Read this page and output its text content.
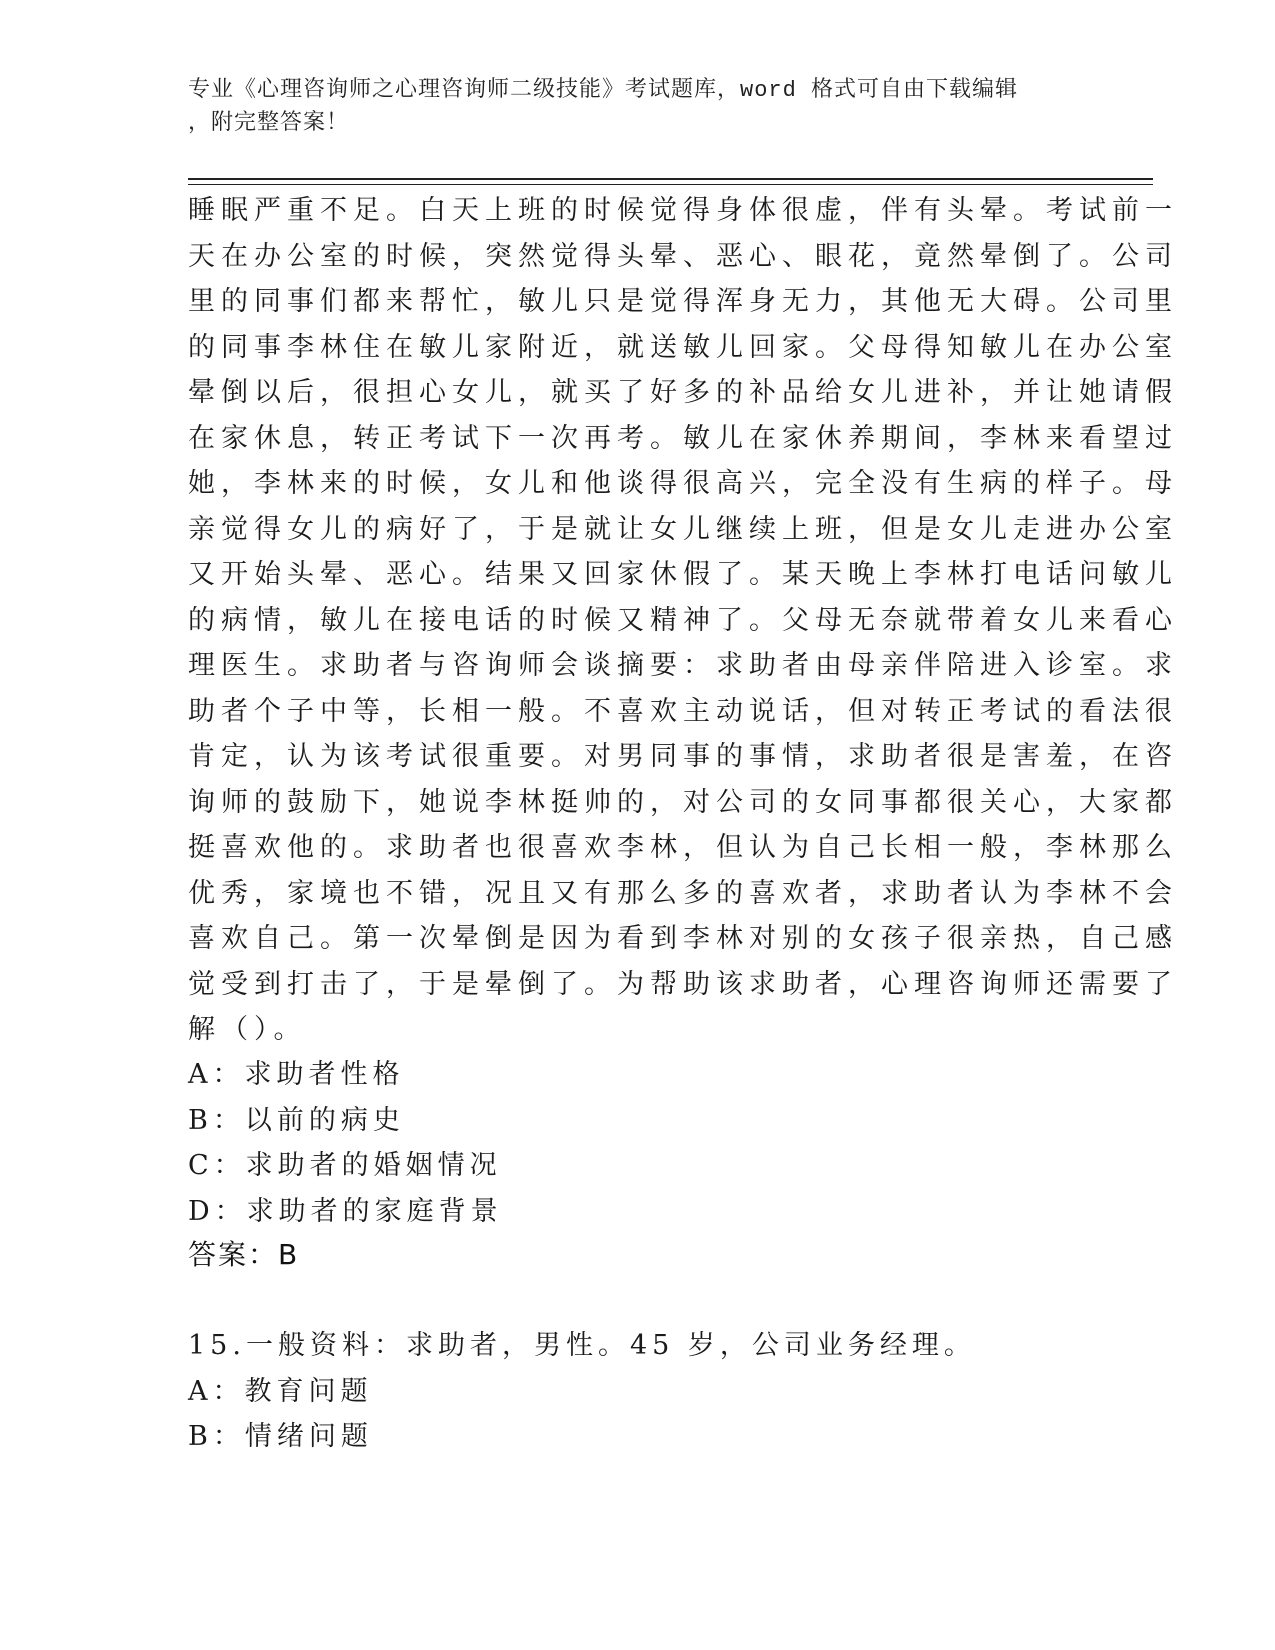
专业《心理咨询师之心理咨询师二级技能》考试题库，word 格式可自由下载编辑
，附完整答案！
睡眠严重不足。白天上班的时候觉得身体很虚，伴有头晕。考试前一
天在办公室的时候，突然觉得头晕、恶心、眼花，竟然晕倒了。公司
里的同事们都来帮忙，敏儿只是觉得浑身无力，其他无大碍。公司里
的同事李林住在敏儿家附近，就送敏儿回家。父母得知敏儿在办公室
晕倒以后，很担心女儿，就买了好多的补品给女儿进补，并让她请假
在家休息，转正考试下一次再考。敏儿在家休养期间，李林来看望过
她，李林来的时候，女儿和他谈得很高兴，完全没有生病的样子。母
亲觉得女儿的病好了，于是就让女儿继续上班，但是女儿走进办公室
又开始头晕、恶心。结果又回家休假了。某天晚上李林打电话问敏儿
的病情，敏儿在接电话的时候又精神了。父母无奈就带着女儿来看心
理医生。求助者与咨询师会谈摘要：求助者由母亲伴陪进入诊室。求
助者个子中等，长相一般。不喜欢主动说话，但对转正考试的看法很
肯定，认为该考试很重要。对男同事的事情，求助者很是害羞，在咨
询师的鼓励下，她说李林挺帅的，对公司的女同事都很关心，大家都
挺喜欢他的。求助者也很喜欢李林，但认为自己长相一般，李林那么
优秀，家境也不错，况且又有那么多的喜欢者，求助者认为李林不会
喜欢自己。第一次晕倒是因为看到李林对别的女孩子很亲热，自己感
觉受到打击了，于是晕倒了。为帮助该求助者，心理咨询师还需要了
解（）。
A：求助者性格
B：以前的病史
C：求助者的婚姻情况
D：求助者的家庭背景
答案：B
15.一般资料：求助者，男性。45 岁，公司业务经理。
A：教育问题
B：情绪问题
